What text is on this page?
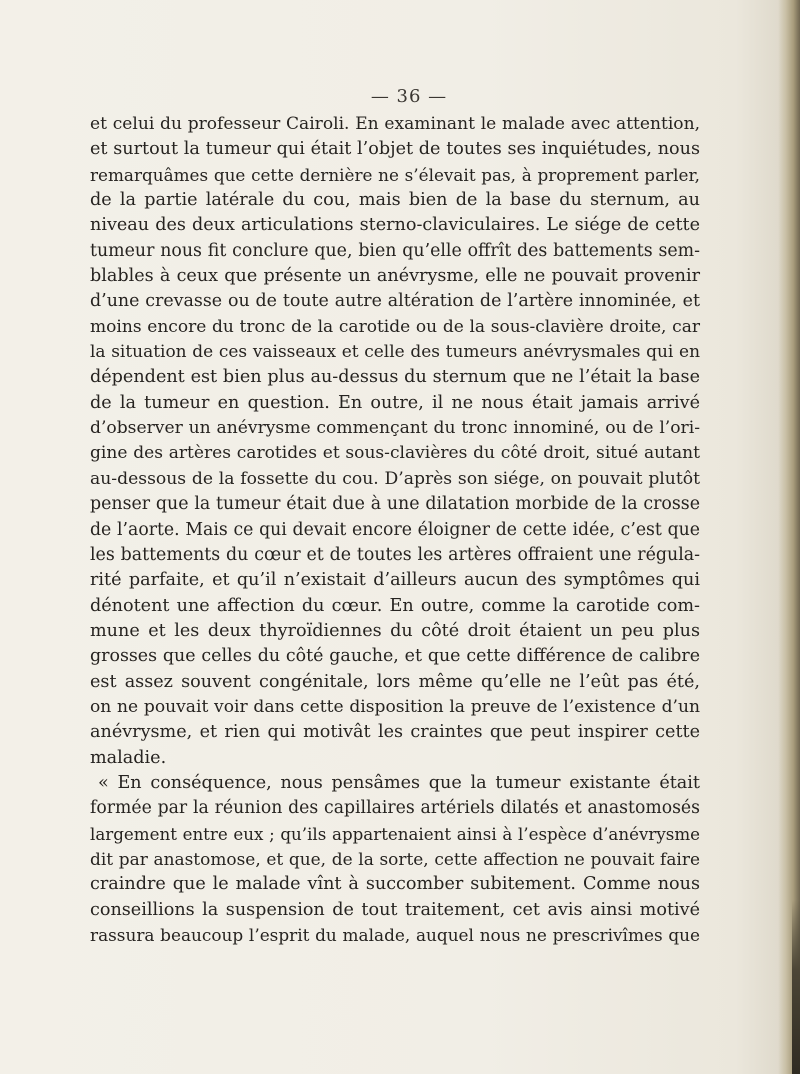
— 36 —
et celui du professeur Cairoli. En examinant le malade avec attention,
et surtout la tumeur qui était l’objet de toutes ses inquiétudes, nous
remarquâmes que cette dernière ne s’élevait pas, à proprement parler,
de la partie latérale du cou, mais bien de la base du sternum, au
niveau des deux articulations sterno-claviculaires. Le siége de cette
tumeur nous fit conclure que, bien qu’elle offrît des battements sem-
blables à ceux que présente un anévrysme, elle ne pouvait provenir
d’une crevasse ou de toute autre altération de l’artère innominée, et
moins encore du tronc de la carotide ou de la sous-clavière droite, car
la situation de ces vaisseaux et celle des tumeurs anévrysmales qui en
dépendent est bien plus au-dessus du sternum que ne l’était la base
de la tumeur en question. En outre, il ne nous était jamais arrivé
d’observer un anévrysme commençant du tronc innominé, ou de l’ori-
gine des artères carotides et sous-clavières du côté droit, situé autant
au-dessous de la fossette du cou. D’après son siége, on pouvait plutôt
penser que la tumeur était due à une dilatation morbide de la crosse
de l’aorte. Mais ce qui devait encore éloigner de cette idée, c’est que
les battements du cœur et de toutes les artères offraient une régula-
rité parfaite, et qu’il n’existait d’ailleurs aucun des symptômes qui
dénotent une affection du cœur. En outre, comme la carotide com-
mune et les deux thyroïdiennes du côté droit étaient un peu plus
grosses que celles du côté gauche, et que cette différence de calibre
est assez souvent congénitale, lors même qu’elle ne l’eût pas été,
on ne pouvait voir dans cette disposition la preuve de l’existence d’un
anévrysme, et rien qui motivât les craintes que peut inspirer cette
maladie.
« En conséquence, nous pensâmes que la tumeur existante était
formée par la réunion des capillaires artériels dilatés et anastomosés
largement entre eux ; qu’ils appartenaient ainsi à l’espèce d’anévrysme
dit par anastomose, et que, de la sorte, cette affection ne pouvait faire
craindre que le malade vînt à succomber subitement. Comme nous
conseillions la suspension de tout traitement, cet avis ainsi motivé
rassura beaucoup l’esprit du malade, auquel nous ne prescrivîmes que
